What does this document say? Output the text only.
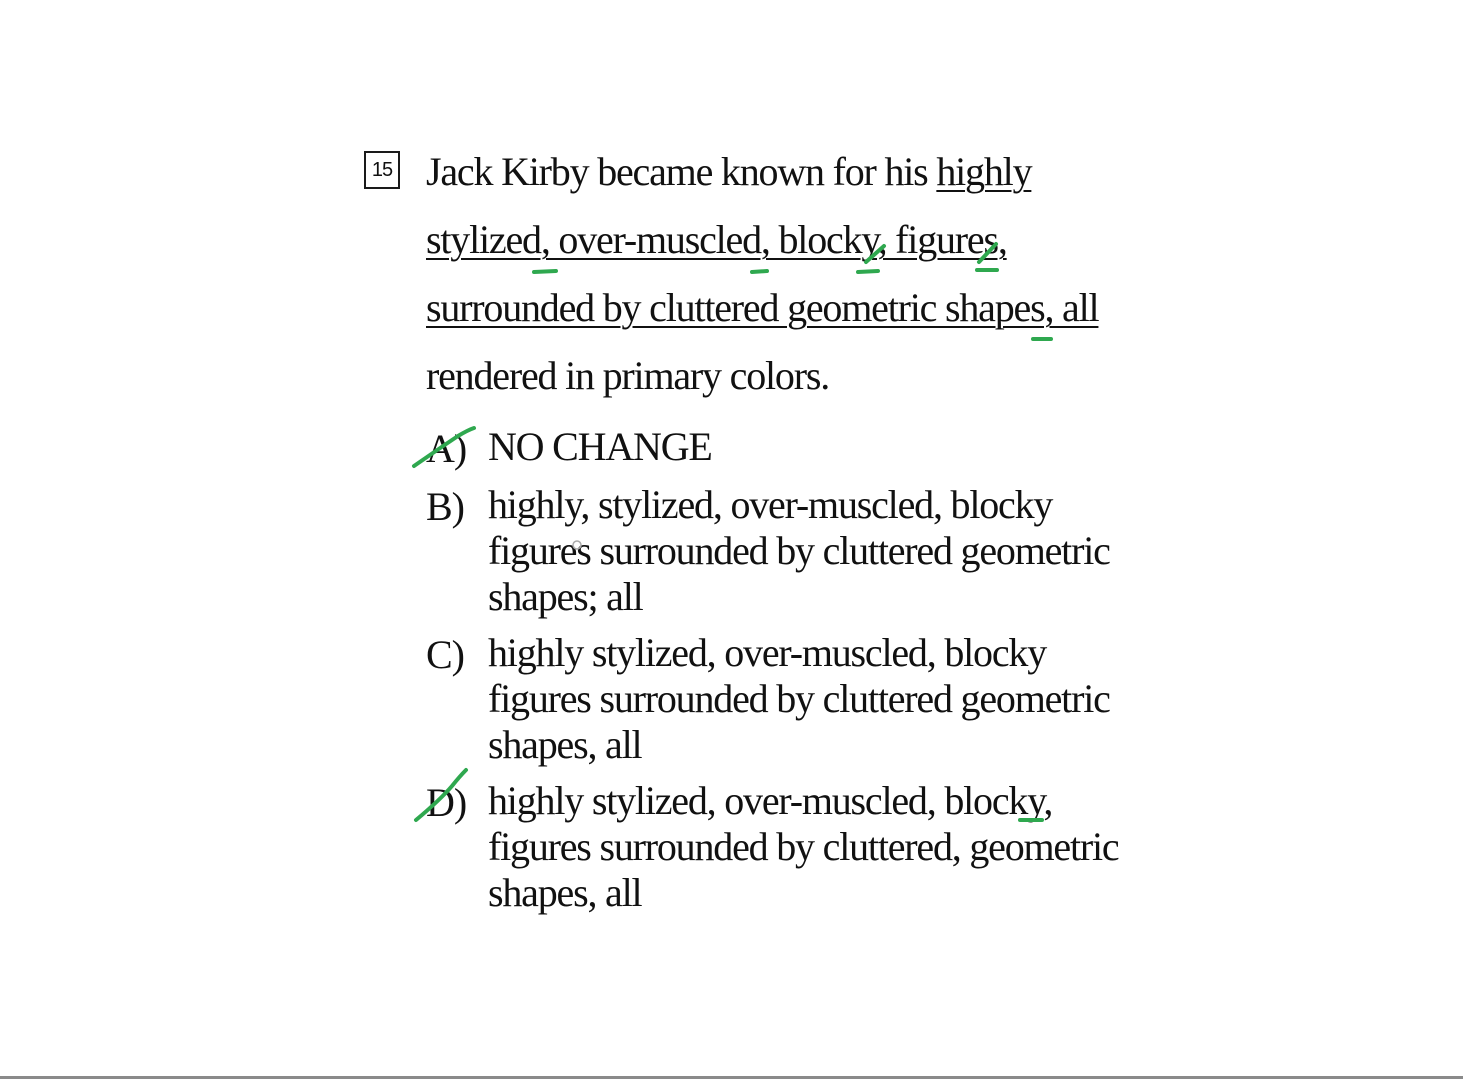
15 Jack Kirby became known for his highly
stylized, over-muscled, blocky, figures,
surrounded by cluttered geometric shapes, all
rendered in primary colors.
A) NO CHANGE
B) highly, stylized, over-muscled, blocky
figures surrounded by cluttered geometric
shapes; all
C) highly stylized, over-muscled, blocky
figures surrounded by cluttered geometric
shapes, all
D) highly stylized, over-muscled, blocky,
figures surrounded by cluttered, geometric
shapes, all
